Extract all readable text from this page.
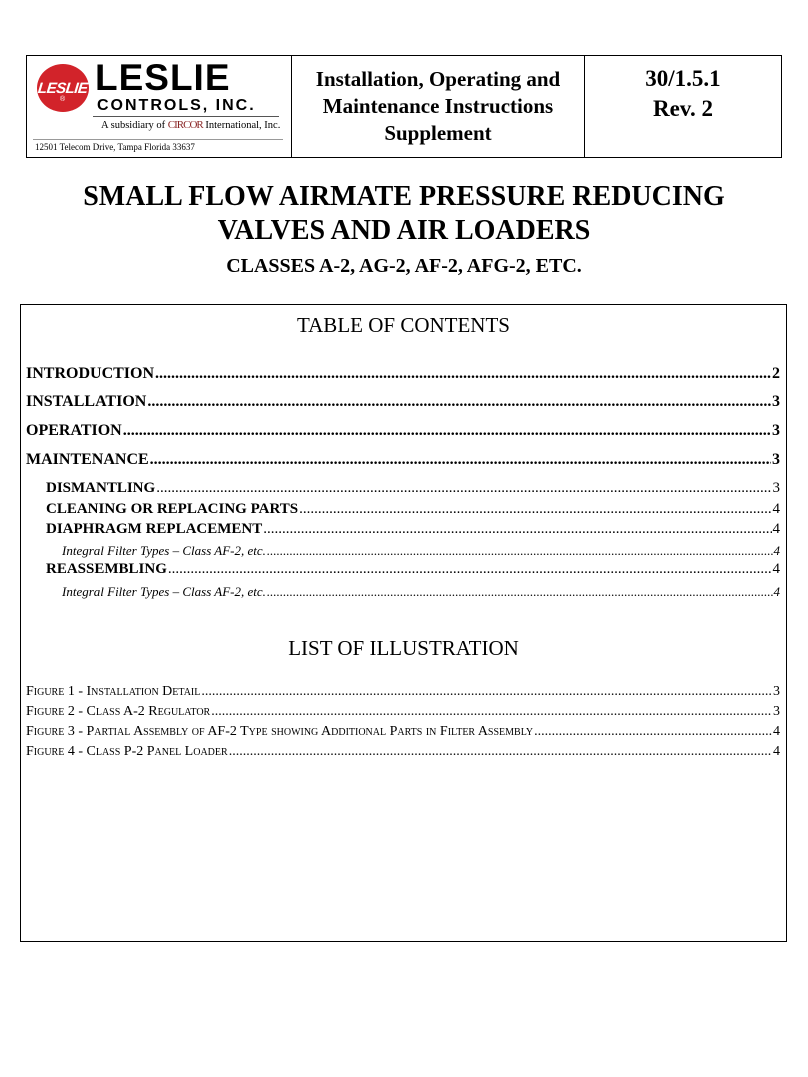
LESLIE
®
LESLIE
CONTROLS, INC.
A subsidiary of CIRCOR International, Inc.
12501 Telecom Drive, Tampa Florida 33637
Installation, Operating and
Maintenance Instructions
Supplement
30/1.5.1
Rev. 2
SMALL FLOW AIRMATE PRESSURE REDUCING
VALVES AND AIR LOADERS
CLASSES A-2, AG-2, AF-2, AFG-2, ETC.
TABLE OF CONTENTS
INTRODUCTION .....	2
INSTALLATION .....	3
OPERATION .....	3
MAINTENANCE .....	3
DISMANTLING .....	3
CLEANING OR REPLACING PARTS .....	4
DIAPHRAGM REPLACEMENT .....	4
Integral Filter Types – Class AF-2, etc. .....	4
REASSEMBLING .....	4
Integral Filter Types – Class AF-2, etc. .....	4
LIST OF ILLUSTRATION
Figure 1 - Installation Detail .....	3
Figure 2 - Class A-2 Regulator .....	3
Figure 3 - Partial Assembly of AF-2 Type showing Additional Parts in Filter Assembly .....	4
Figure 4 - Class P-2 Panel Loader .....	4
